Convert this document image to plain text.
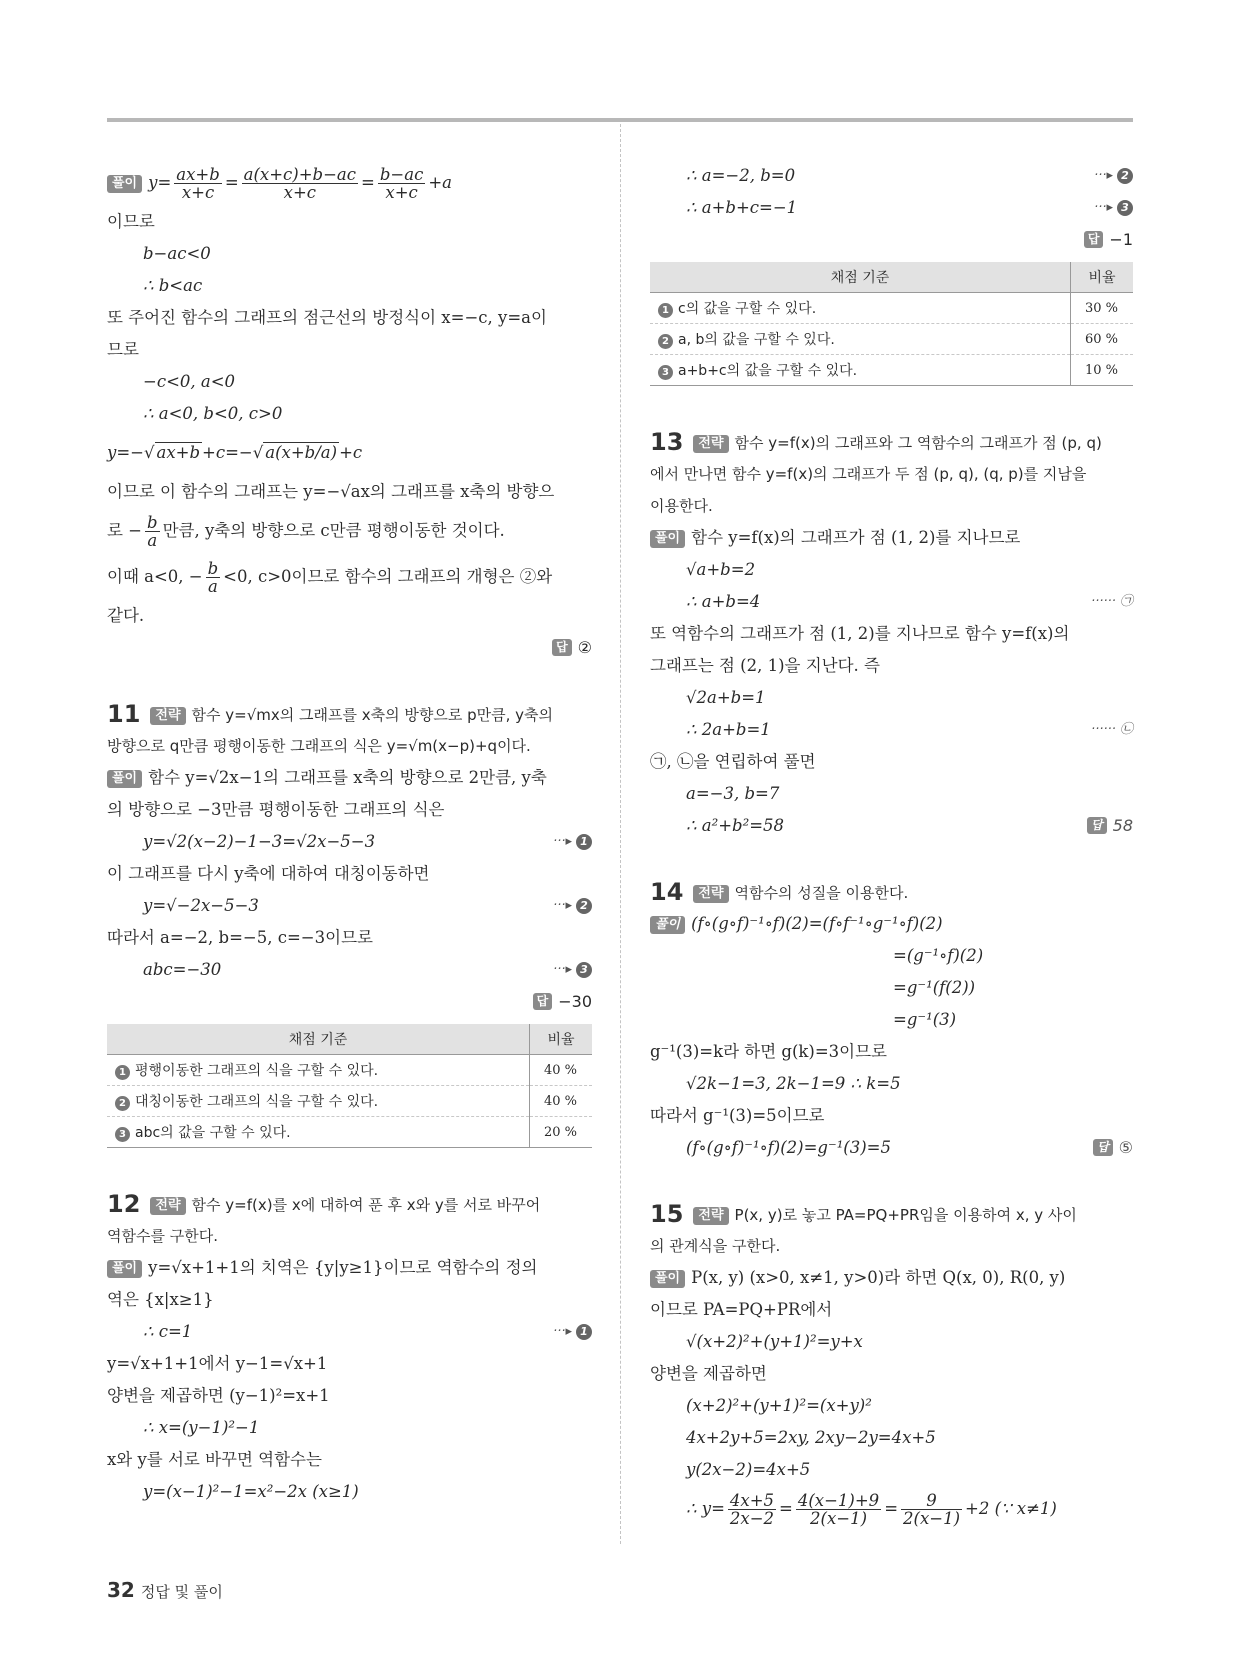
풀이 $y= \frac{ax+b}{x+c} = \frac{a(x+c)+b-ac}{x+c} = \frac{b-ac}{x+c} +a$
이므로
b−ac<0
∴ b<ac
또 주어진 함수의 그래프의 점근선의 방정식이 x=−c, y=a이
므로
−c<0, a<0
∴ a<0, b<0, c>0
y=−√ ax+b +c=−√ a(x+b/a) +c
이므로 이 함수의 그래프는 y=−√ax의 그래프를 x축의 방향으
로 − $\frac{b}{a}$ 만큼, y축의 방향으로 c만큼 평행이동한 것이다.
이때 a<0, − $\frac{b}{a} <0$, c>0이므로 함수의 그래프의 개형은 ②와
같다.
답 ②
11 전략 함수 y=√mx의 그래프를 x축의 방향으로 p만큼, y축의
방향으로 q만큼 평행이동한 그래프의 식은 y=√m(x−p)+q이다.
풀이 함수 y=√2x−1의 그래프를 x축의 방향으로 2만큼, y축
의 방향으로 −3만큼 평행이동한 그래프의 식은
y=√2(x−2)−1−3=√2x−5−3	···▸ 1
이 그래프를 다시 y축에 대하여 대칭이동하면
y=√−2x−5−3	···▸ 2
따라서 a=−2, b=−5, c=−3이므로
abc=−30	···▸ 3
답 −30
채점 기준	비율
1 평행이동한 그래프의 식을 구할 수 있다.	40 %
2 대칭이동한 그래프의 식을 구할 수 있다.	40 %
3 abc의 값을 구할 수 있다.	20 %
12 전략 함수 y=f(x)를 x에 대하여 푼 후 x와 y를 서로 바꾸어
역함수를 구한다.
풀이 y=√x+1+1의 치역은 {y|y≥1}이므로 역함수의 정의
역은 {x|x≥1}
∴ c=1	···▸ 1
y=√x+1+1에서 y−1=√x+1
양변을 제곱하면 (y−1)²=x+1
∴ x=(y−1)²−1
x와 y를 서로 바꾸면 역함수는
y=(x−1)²−1=x²−2x (x≥1)
∴ a=−2, b=0	···▸ 2
∴ a+b+c=−1	···▸ 3
답 −1
채점 기준	비율
1 c의 값을 구할 수 있다.	30 %
2 a, b의 값을 구할 수 있다.	60 %
3 a+b+c의 값을 구할 수 있다.	10 %
13 전략 함수 y=f(x)의 그래프와 그 역함수의 그래프가 점 (p, q)
에서 만나면 함수 y=f(x)의 그래프가 두 점 (p, q), (q, p)를 지남을
이용한다.
풀이 함수 y=f(x)의 그래프가 점 (1, 2)를 지나므로
√a+b=2
∴ a+b=4	······ ㉠
또 역함수의 그래프가 점 (1, 2)를 지나므로 함수 y=f(x)의
그래프는 점 (2, 1)을 지난다. 즉
√2a+b=1
∴ 2a+b=1	······ ㉡
㉠, ㉡을 연립하여 풀면
a=−3, b=7
∴ a²+b²=58	답 58
14 전략 역함수의 성질을 이용한다.
풀이 (f∘(g∘f)⁻¹∘f)(2)=(f∘f⁻¹∘g⁻¹∘f)(2)
=(g⁻¹∘f)(2)
=g⁻¹(f(2))
=g⁻¹(3)
g⁻¹(3)=k라 하면 g(k)=3이므로
√2k−1=3, 2k−1=9 ∴ k=5
따라서 g⁻¹(3)=5이므로
(f∘(g∘f)⁻¹∘f)(2)=g⁻¹(3)=5	답 ⑤
15 전략 P(x, y)로 놓고 PA=PQ+PR임을 이용하여 x, y 사이
의 관계식을 구한다.
풀이 P(x, y) (x>0, x≠1, y>0)라 하면 Q(x, 0), R(0, y)
이므로 PA=PQ+PR에서
√(x+2)²+(y+1)²=y+x
양변을 제곱하면
(x+2)²+(y+1)²=(x+y)²
4x+2y+5=2xy, 2xy−2y=4x+5
y(2x−2)=4x+5
∴ $y= \frac{4x+5}{2x-2} = \frac{4(x-1)+9}{2(x-1)} = \frac{9}{2(x-1)} +2$ (∵ x≠1)
32 정답 및 풀이
